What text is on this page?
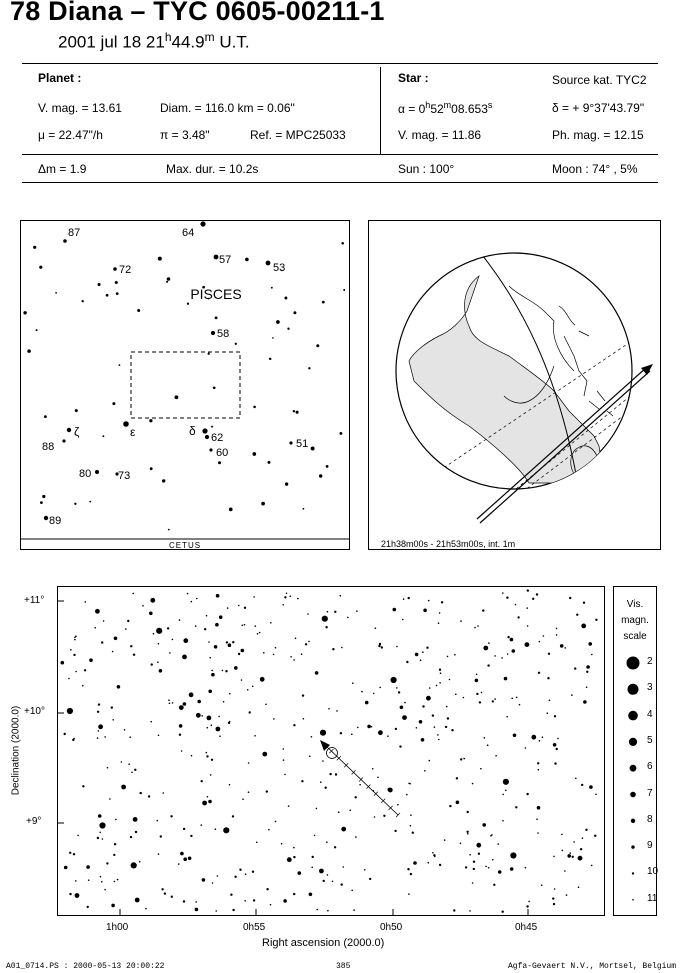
78 Diana – TYC 0605-00211-1
2001 jul 18 21$^h$44.9$^m$ U.T.
Planet :
V. mag. = 13.61	Diam. = 116.0 km = 0.06"
μ = 22.47"/h	π = 3.48"	Ref. = MPC25033
Star :	Source kat. TYC2
$\alpha = 0^h52^m08.653^s$	δ = + 9°37'43.79"
V. mag. = 11.86	Ph. mag. = 12.15
Δm = 1.9	Max. dur. = 10.2s	Sun : 100°	Moon : 74° , 5%
PISCES
CETUS
87	64
57
72	53
58
ε	δ 62
ζ
88	60
51
80 73
89
21h38m00s - 21h53m00s, int. 1m
+11°
+10°
+9°
Declination (2000.0)
1h00	0h55	0h50	0h45
Right ascension (2000.0)
Vis.
magn.
scale
2
3
4
5
6
7
8
9
10
11
A01_0714.PS : 2000-05-13 20:00:22	385	Agfa-Gevaert N.V., Mortsel, Belgium
